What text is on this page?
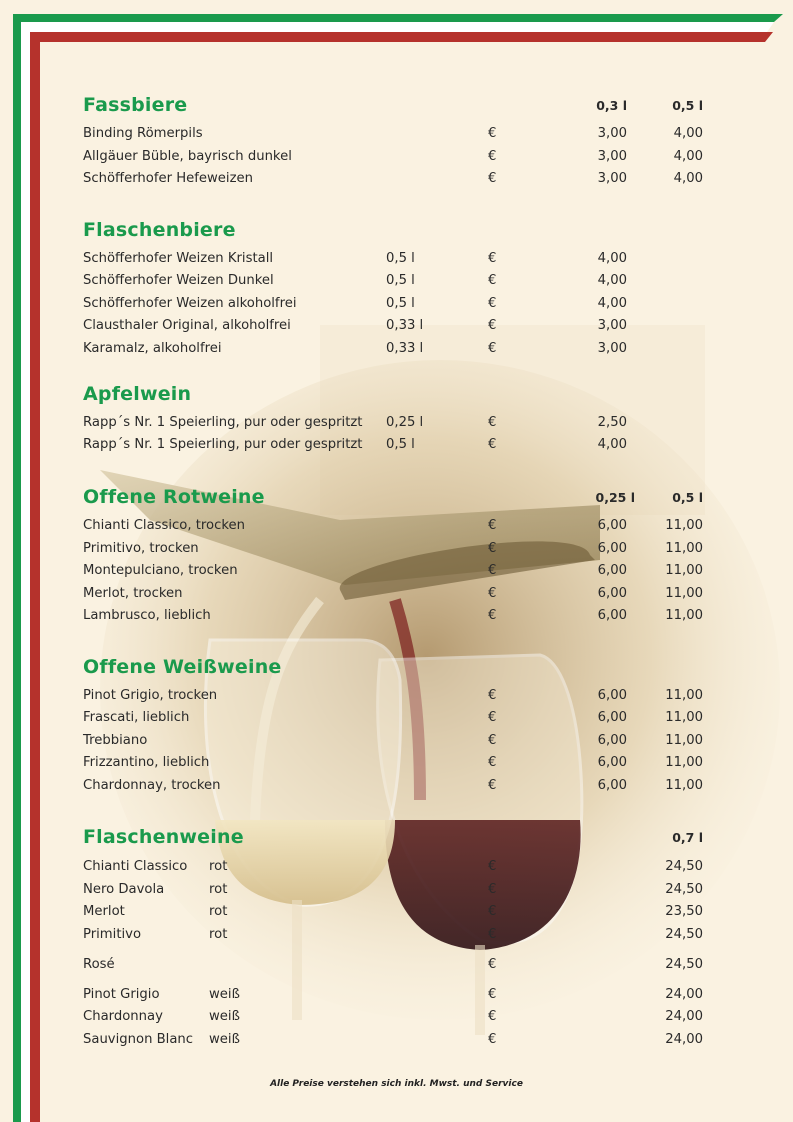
Fassbiere	0,3 l	0,5 l
Binding Römerpils	€	3,00	4,00
Allgäuer Büble, bayrisch dunkel	€	3,00	4,00
Schöfferhofer Hefeweizen	€	3,00	4,00
Flaschenbiere
Schöfferhofer Weizen Kristall	0,5 l	€	4,00
Schöfferhofer Weizen Dunkel	0,5 l	€	4,00
Schöfferhofer Weizen alkoholfrei	0,5 l	€	4,00
Clausthaler Original, alkoholfrei	0,33 l	€	3,00
Karamalz, alkoholfrei	0,33 l	€	3,00
Apfelwein
Rapp´s Nr. 1 Speierling, pur oder gespritzt 0,25 l	€	2,50
Rapp´s Nr. 1 Speierling, pur oder gespritzt 0,5 l	€	4,00
Offene Rotweine	0,25 l	0,5 l
Chianti Classico, trocken	€	6,00	11,00
Primitivo, trocken	€	6,00	11,00
Montepulciano, trocken	€	6,00	11,00
Merlot, trocken	€	6,00	11,00
Lambrusco, lieblich	€	6,00	11,00
Offene Weißweine
Pinot Grigio, trocken	€	6,00	11,00
Frascati, lieblich	€	6,00	11,00
Trebbiano	€	6,00	11,00
Frizzantino, lieblich	€	6,00	11,00
Chardonnay, trocken	€	6,00	11,00
Flaschenweine	0,7 l
Chianti Classico rot	€	24,50
Nero Davola	rot	€	24,50
Merlot	rot	€	23,50
Primitivo	rot	€	24,50
Rosé	€	24,50
Pinot Grigio	weiß	€	24,00
Chardonnay	weiß	€	24,00
Sauvignon Blanc weiß	€	24,00
Alle Preise verstehen sich inkl. Mwst. und Service
